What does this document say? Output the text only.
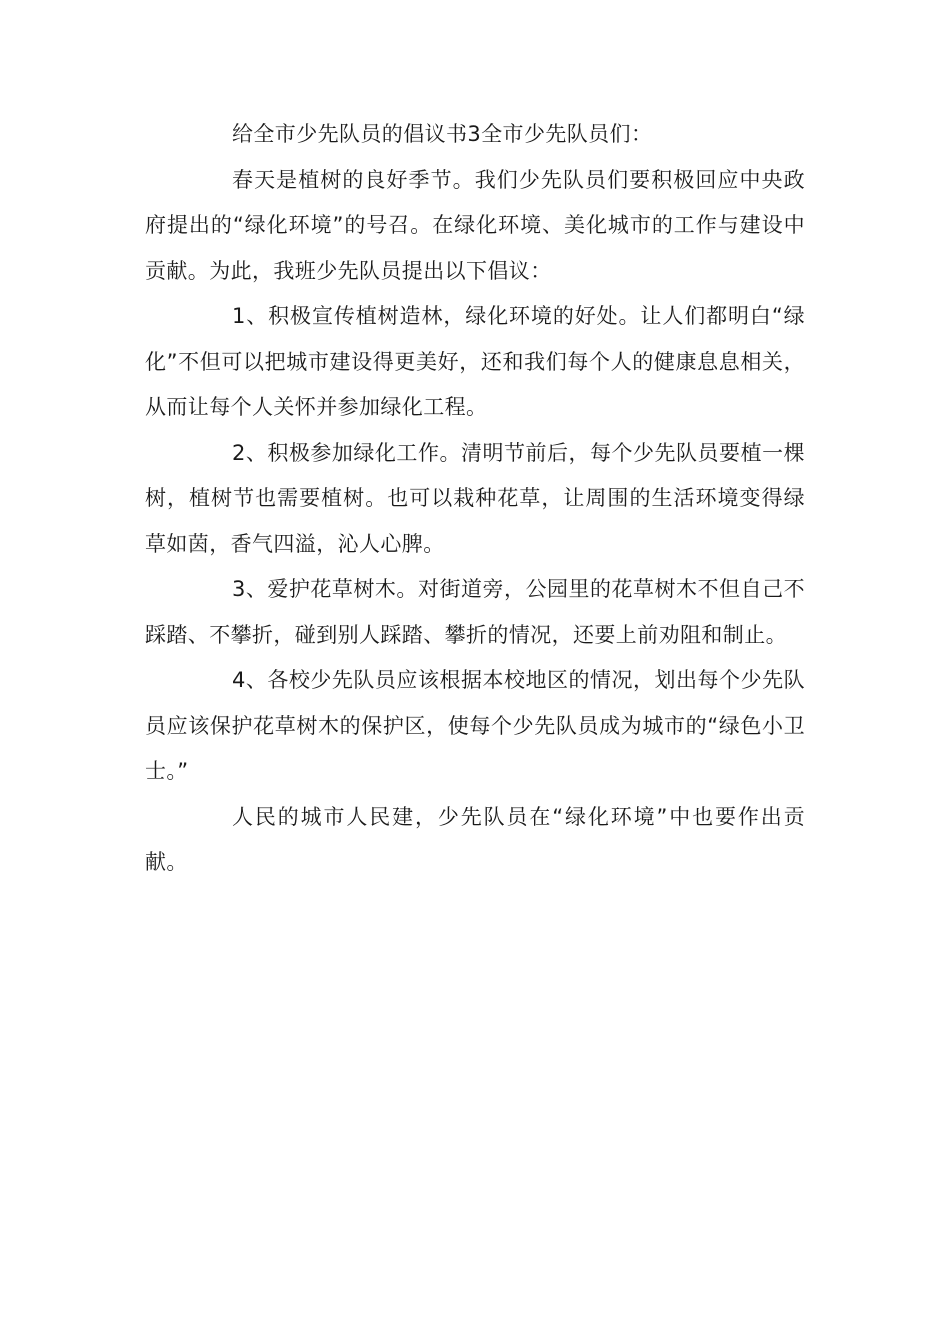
给全市少先队员的倡议书3全市少先队员们：

春天是植树的良好季节。我们少先队员们要积极回应中央政府提出的“绿化环境”的号召。在绿化环境、美化城市的工作与建设中贡献。为此，我班少先队员提出以下倡议：

1、积极宣传植树造林，绿化环境的好处。让人们都明白“绿化”不但可以把城市建设得更美好，还和我们每个人的健康息息相关，从而让每个人关怀并参加绿化工程。

2、积极参加绿化工作。清明节前后，每个少先队员要植一棵树，植树节也需要植树。也可以栽种花草，让周围的生活环境变得绿草如茵，香气四溢，沁人心脾。

3、爱护花草树木。对街道旁，公园里的花草树木不但自己不踩踏、不攀折，碰到别人踩踏、攀折的情况，还要上前劝阻和制止。

4、各校少先队员应该根据本校地区的情况，划出每个少先队员应该保护花草树木的保护区，使每个少先队员成为城市的“绿色小卫士。”

人民的城市人民建，少先队员在“绿化环境”中也要作出贡献。
